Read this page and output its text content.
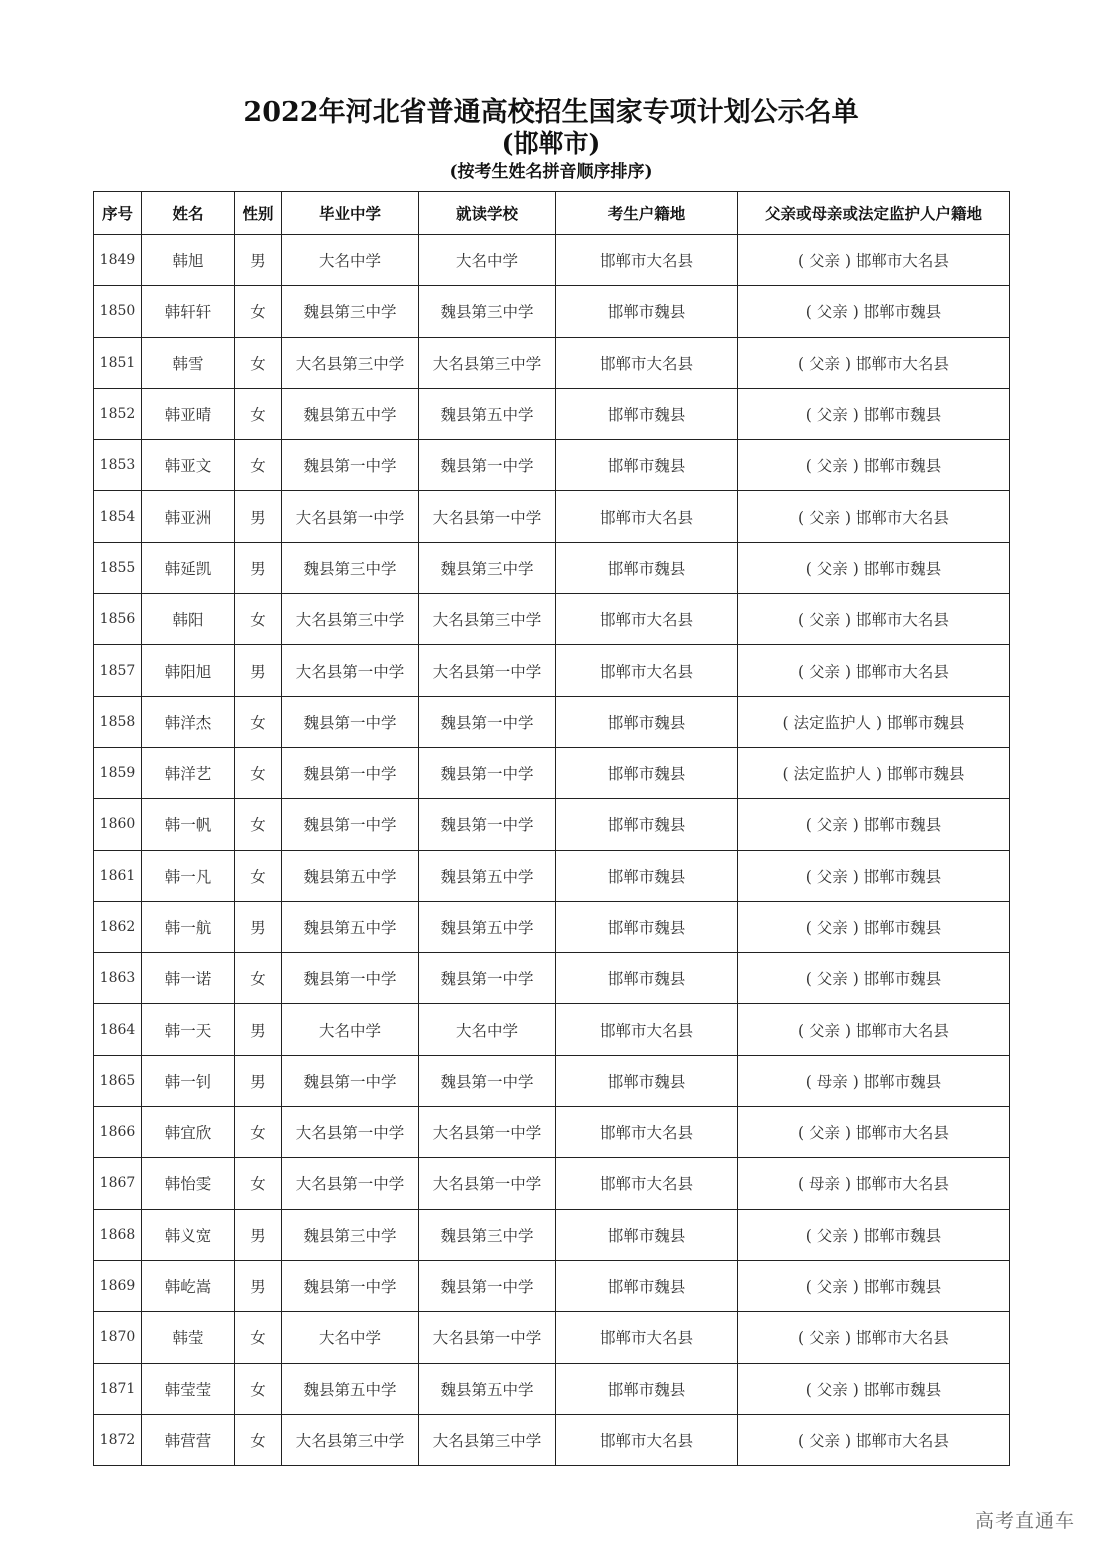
2022年河北省普通高校招生国家专项计划公示名单
(邯郸市)
(按考生姓名拼音顺序排序)
序号	姓名	性别	毕业中学	就读学校	考生户籍地	父亲或母亲或法定监护人户籍地
1849	韩旭	男	大名中学	大名中学	邯郸市大名县	( 父亲 ) 邯郸市大名县
1850	韩轩轩	女	魏县第三中学	魏县第三中学	邯郸市魏县	( 父亲 ) 邯郸市魏县
1851	韩雪	女	大名县第三中学	大名县第三中学	邯郸市大名县	( 父亲 ) 邯郸市大名县
1852	韩亚晴	女	魏县第五中学	魏县第五中学	邯郸市魏县	( 父亲 ) 邯郸市魏县
1853	韩亚文	女	魏县第一中学	魏县第一中学	邯郸市魏县	( 父亲 ) 邯郸市魏县
1854	韩亚洲	男	大名县第一中学	大名县第一中学	邯郸市大名县	( 父亲 ) 邯郸市大名县
1855	韩延凯	男	魏县第三中学	魏县第三中学	邯郸市魏县	( 父亲 ) 邯郸市魏县
1856	韩阳	女	大名县第三中学	大名县第三中学	邯郸市大名县	( 父亲 ) 邯郸市大名县
1857	韩阳旭	男	大名县第一中学	大名县第一中学	邯郸市大名县	( 父亲 ) 邯郸市大名县
1858	韩洋杰	女	魏县第一中学	魏县第一中学	邯郸市魏县	( 法定监护人 ) 邯郸市魏县
1859	韩洋艺	女	魏县第一中学	魏县第一中学	邯郸市魏县	( 法定监护人 ) 邯郸市魏县
1860	韩一帆	女	魏县第一中学	魏县第一中学	邯郸市魏县	( 父亲 ) 邯郸市魏县
1861	韩一凡	女	魏县第五中学	魏县第五中学	邯郸市魏县	( 父亲 ) 邯郸市魏县
1862	韩一航	男	魏县第五中学	魏县第五中学	邯郸市魏县	( 父亲 ) 邯郸市魏县
1863	韩一诺	女	魏县第一中学	魏县第一中学	邯郸市魏县	( 父亲 ) 邯郸市魏县
1864	韩一天	男	大名中学	大名中学	邯郸市大名县	( 父亲 ) 邯郸市大名县
1865	韩一钊	男	魏县第一中学	魏县第一中学	邯郸市魏县	( 母亲 ) 邯郸市魏县
1866	韩宜欣	女	大名县第一中学	大名县第一中学	邯郸市大名县	( 父亲 ) 邯郸市大名县
1867	韩怡雯	女	大名县第一中学	大名县第一中学	邯郸市大名县	( 母亲 ) 邯郸市大名县
1868	韩义宽	男	魏县第三中学	魏县第三中学	邯郸市魏县	( 父亲 ) 邯郸市魏县
1869	韩屹嵩	男	魏县第一中学	魏县第一中学	邯郸市魏县	( 父亲 ) 邯郸市魏县
1870	韩莹	女	大名中学	大名县第一中学	邯郸市大名县	( 父亲 ) 邯郸市大名县
1871	韩莹莹	女	魏县第五中学	魏县第五中学	邯郸市魏县	( 父亲 ) 邯郸市魏县
1872	韩营营	女	大名县第三中学	大名县第三中学	邯郸市大名县	( 父亲 ) 邯郸市大名县
高考直通车
